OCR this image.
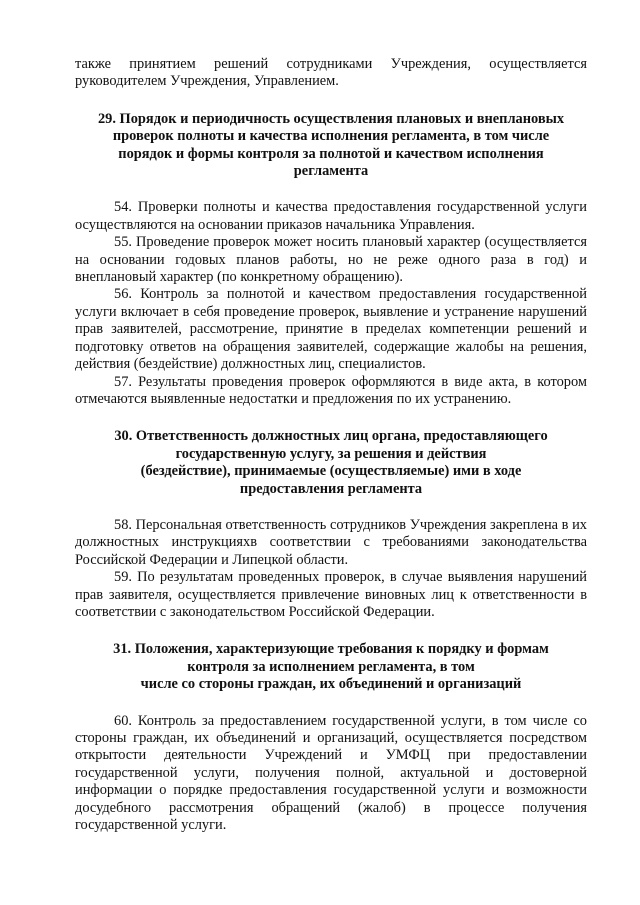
также принятием решений сотрудниками Учреждения, осуществляется руководителем Учреждения, Управлением.

29. Порядок и периодичность осуществления плановых и внеплановых
проверок полноты и качества исполнения регламента, в том числе
порядок и формы контроля за полнотой и качеством исполнения
регламента

54. Проверки полноты и качества предоставления государственной услуги осуществляются на основании приказов начальника Управления.

55. Проведение проверок может носить плановый характер (осуществляется на основании годовых планов работы, но не реже одного раза в год) и внеплановый характер (по конкретному обращению).

56. Контроль за полнотой и качеством предоставления государственной услуги включает в себя проведение проверок, выявление и устранение нарушений прав заявителей, рассмотрение, принятие в пределах компетенции решений и подготовку ответов на обращения заявителей, содержащие жалобы на решения, действия (бездействие) должностных лиц, специалистов.

57. Результаты проведения проверок оформляются в виде акта, в котором отмечаются выявленные недостатки и предложения по их устранению.

30. Ответственность должностных лиц органа, предоставляющего
государственную услугу, за решения и действия
(бездействие), принимаемые (осуществляемые) ими в ходе
предоставления регламента

58. Персональная ответственность сотрудников Учреждения закреплена в их должностных инструкцияхв соответствии с требованиями законодательства Российской Федерации и Липецкой области.

59. По результатам проведенных проверок, в случае выявления нарушений прав заявителя, осуществляется привлечение виновных лиц к ответственности в соответствии с законодательством Российской Федерации.

31. Положения, характеризующие требования к порядку и формам
контроля за исполнением регламента, в том
числе со стороны граждан, их объединений и организаций

60. Контроль за предоставлением государственной услуги, в том числе со стороны граждан, их объединений и организаций, осуществляется посредством открытости деятельности Учреждений и УМФЦ при предоставлении государственной услуги, получения полной, актуальной и достоверной информации о порядке предоставления государственной услуги и возможности досудебного рассмотрения обращений (жалоб) в процессе получения государственной услуги.
